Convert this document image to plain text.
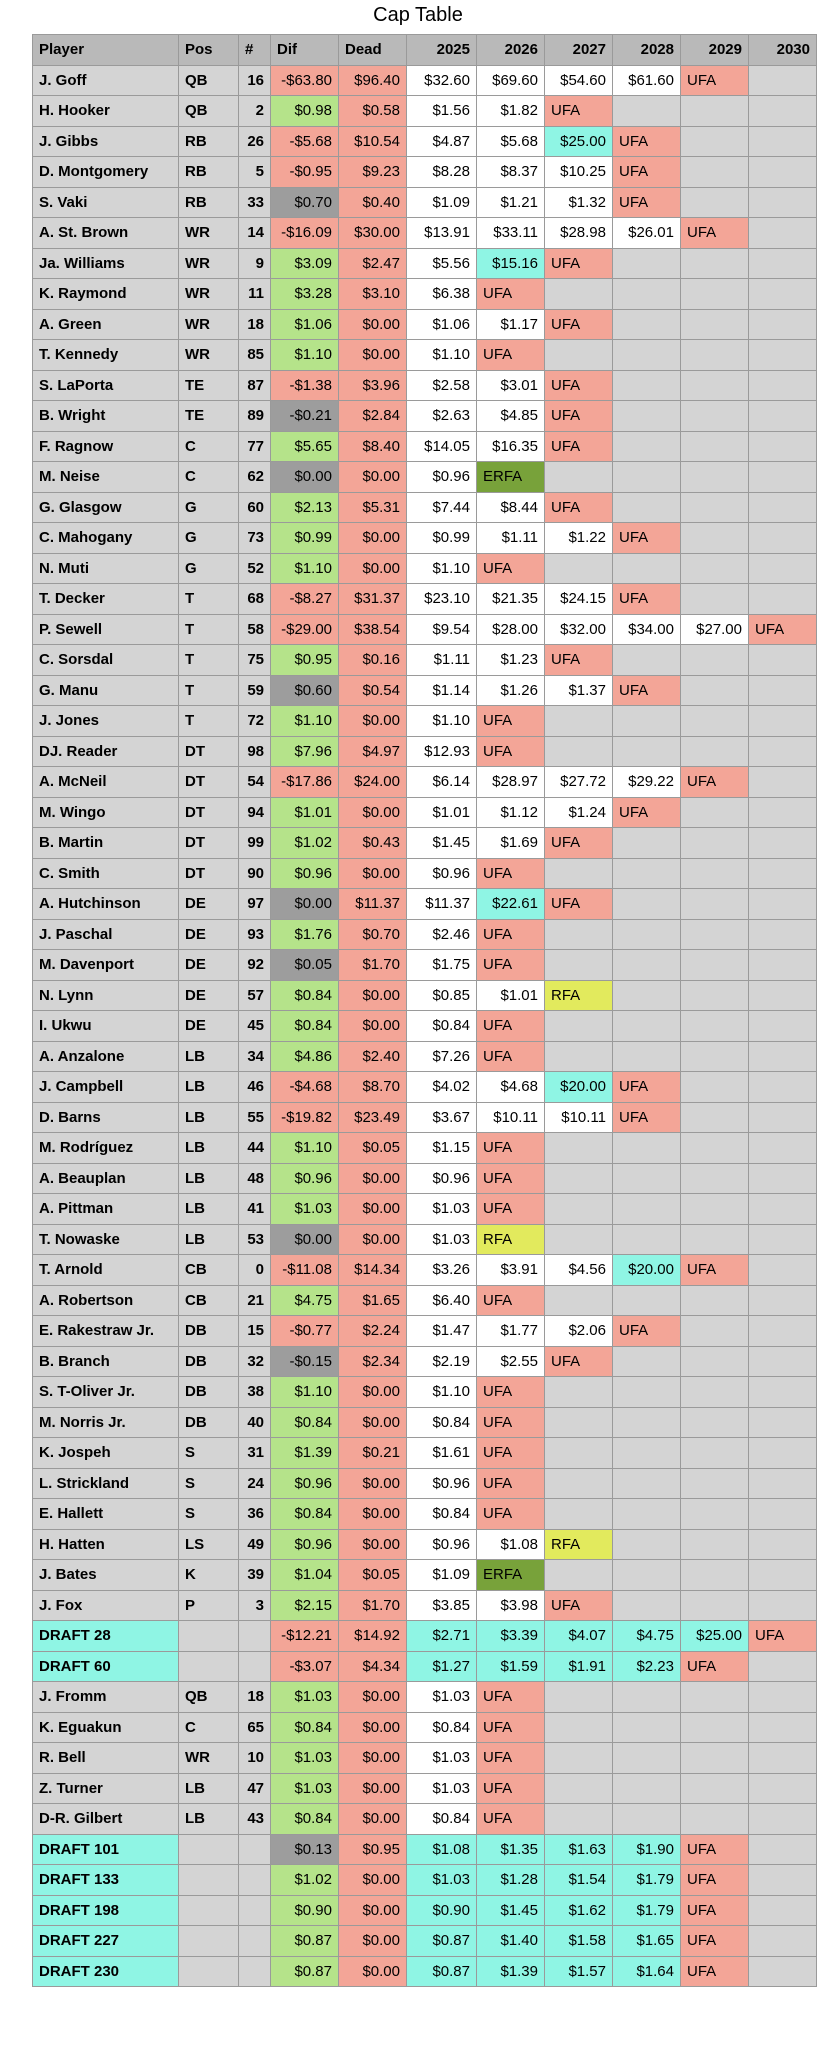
Cap Table
Player	Pos	#	Dif	Dead	2025	2026	2027	2028	2029	2030
J. Goff	QB	16	-$63.80	$96.40	$32.60	$69.60	$54.60	$61.60	UFA	
H. Hooker	QB	2	$0.98	$0.58	$1.56	$1.82	UFA			
J. Gibbs	RB	26	-$5.68	$10.54	$4.87	$5.68	$25.00	UFA		
D. Montgomery	RB	5	-$0.95	$9.23	$8.28	$8.37	$10.25	UFA		
S. Vaki	RB	33	$0.70	$0.40	$1.09	$1.21	$1.32	UFA		
A. St. Brown	WR	14	-$16.09	$30.00	$13.91	$33.11	$28.98	$26.01	UFA	
Ja. Williams	WR	9	$3.09	$2.47	$5.56	$15.16	UFA			
K. Raymond	WR	11	$3.28	$3.10	$6.38	UFA				
A. Green	WR	18	$1.06	$0.00	$1.06	$1.17	UFA			
T. Kennedy	WR	85	$1.10	$0.00	$1.10	UFA				
S. LaPorta	TE	87	-$1.38	$3.96	$2.58	$3.01	UFA			
B. Wright	TE	89	-$0.21	$2.84	$2.63	$4.85	UFA			
F. Ragnow	C	77	$5.65	$8.40	$14.05	$16.35	UFA			
M. Neise	C	62	$0.00	$0.00	$0.96	ERFA				
G. Glasgow	G	60	$2.13	$5.31	$7.44	$8.44	UFA			
C. Mahogany	G	73	$0.99	$0.00	$0.99	$1.11	$1.22	UFA		
N. Muti	G	52	$1.10	$0.00	$1.10	UFA				
T. Decker	T	68	-$8.27	$31.37	$23.10	$21.35	$24.15	UFA		
P. Sewell	T	58	-$29.00	$38.54	$9.54	$28.00	$32.00	$34.00	$27.00	UFA
C. Sorsdal	T	75	$0.95	$0.16	$1.11	$1.23	UFA			
G. Manu	T	59	$0.60	$0.54	$1.14	$1.26	$1.37	UFA		
J. Jones	T	72	$1.10	$0.00	$1.10	UFA				
DJ. Reader	DT	98	$7.96	$4.97	$12.93	UFA				
A. McNeil	DT	54	-$17.86	$24.00	$6.14	$28.97	$27.72	$29.22	UFA	
M. Wingo	DT	94	$1.01	$0.00	$1.01	$1.12	$1.24	UFA		
B. Martin	DT	99	$1.02	$0.43	$1.45	$1.69	UFA			
C. Smith	DT	90	$0.96	$0.00	$0.96	UFA				
A. Hutchinson	DE	97	$0.00	$11.37	$11.37	$22.61	UFA			
J. Paschal	DE	93	$1.76	$0.70	$2.46	UFA				
M. Davenport	DE	92	$0.05	$1.70	$1.75	UFA				
N. Lynn	DE	57	$0.84	$0.00	$0.85	$1.01	RFA			
I. Ukwu	DE	45	$0.84	$0.00	$0.84	UFA				
A. Anzalone	LB	34	$4.86	$2.40	$7.26	UFA				
J. Campbell	LB	46	-$4.68	$8.70	$4.02	$4.68	$20.00	UFA		
D. Barns	LB	55	-$19.82	$23.49	$3.67	$10.11	$10.11	UFA		
M. Rodríguez	LB	44	$1.10	$0.05	$1.15	UFA				
A. Beauplan	LB	48	$0.96	$0.00	$0.96	UFA				
A. Pittman	LB	41	$1.03	$0.00	$1.03	UFA				
T. Nowaske	LB	53	$0.00	$0.00	$1.03	RFA				
T. Arnold	CB	0	-$11.08	$14.34	$3.26	$3.91	$4.56	$20.00	UFA	
A. Robertson	CB	21	$4.75	$1.65	$6.40	UFA				
E. Rakestraw Jr.	DB	15	-$0.77	$2.24	$1.47	$1.77	$2.06	UFA		
B. Branch	DB	32	-$0.15	$2.34	$2.19	$2.55	UFA			
S. T-Oliver Jr.	DB	38	$1.10	$0.00	$1.10	UFA				
M. Norris Jr.	DB	40	$0.84	$0.00	$0.84	UFA				
K. Jospeh	S	31	$1.39	$0.21	$1.61	UFA				
L. Strickland	S	24	$0.96	$0.00	$0.96	UFA				
E. Hallett	S	36	$0.84	$0.00	$0.84	UFA				
H. Hatten	LS	49	$0.96	$0.00	$0.96	$1.08	RFA			
J. Bates	K	39	$1.04	$0.05	$1.09	ERFA				
J. Fox	P	3	$2.15	$1.70	$3.85	$3.98	UFA			
DRAFT 28			-$12.21	$14.92	$2.71	$3.39	$4.07	$4.75	$25.00	UFA
DRAFT 60			-$3.07	$4.34	$1.27	$1.59	$1.91	$2.23	UFA	
J. Fromm	QB	18	$1.03	$0.00	$1.03	UFA				
K. Eguakun	C	65	$0.84	$0.00	$0.84	UFA				
R. Bell	WR	10	$1.03	$0.00	$1.03	UFA				
Z. Turner	LB	47	$1.03	$0.00	$1.03	UFA				
D-R. Gilbert	LB	43	$0.84	$0.00	$0.84	UFA				
DRAFT 101			$0.13	$0.95	$1.08	$1.35	$1.63	$1.90	UFA	
DRAFT 133			$1.02	$0.00	$1.03	$1.28	$1.54	$1.79	UFA	
DRAFT 198			$0.90	$0.00	$0.90	$1.45	$1.62	$1.79	UFA	
DRAFT 227			$0.87	$0.00	$0.87	$1.40	$1.58	$1.65	UFA	
DRAFT 230			$0.87	$0.00	$0.87	$1.39	$1.57	$1.64	UFA	
